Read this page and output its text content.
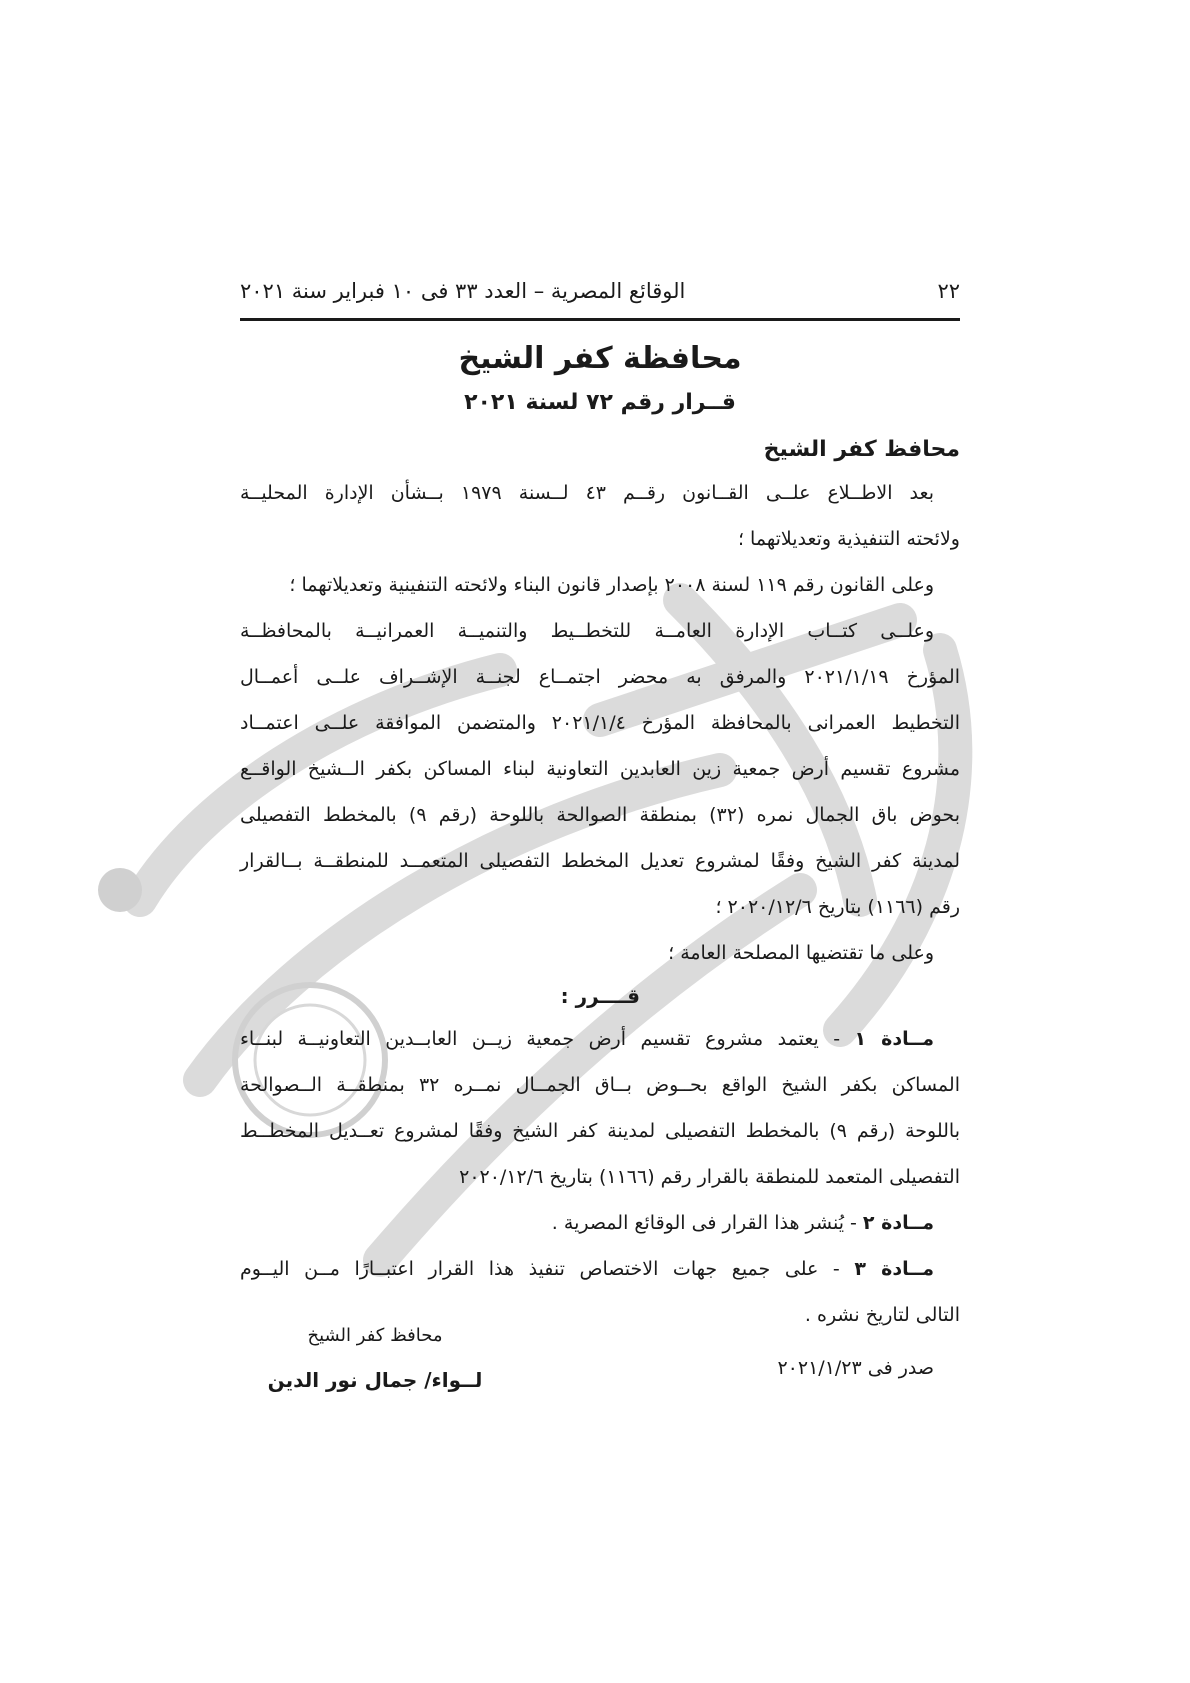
٢٢
الوقائع المصرية – العدد ٣٣ فى ١٠ فبراير سنة ٢٠٢١
محافظة كفر الشيخ
قــرار رقم ٧٢ لسنة ٢٠٢١
محافظ كفر الشيخ
بعد الاطــلاع علــى القــانون رقــم ٤٣ لــسنة ١٩٧٩ بــشأن الإدارة المحليــة
ولائحته التنفيذية وتعديلاتهما ؛
وعلى القانون رقم ١١٩ لسنة ٢٠٠٨ بإصدار قانون البناء ولائحته التنفينية وتعديلاتهما ؛
وعلــى كتــاب الإدارة العامــة للتخطــيط والتنميــة العمرانيــة بالمحافظــة
المؤرخ ٢٠٢١/١/١٩ والمرفق به محضر اجتمــاع لجنــة الإشــراف علــى أعمــال
التخطيط العمرانى بالمحافظة المؤرخ ٢٠٢١/١/٤ والمتضمن الموافقة علــى اعتمــاد
مشروع تقسيم أرض جمعية زين العابدين التعاونية لبناء المساكن بكفر الــشيخ الواقــع
بحوض باق الجمال نمره (٣٢) بمنطقة الصوالحة باللوحة (رقم ٩) بالمخطط التفصيلى
لمدينة كفر الشيخ وفقًا لمشروع تعديل المخطط التفصيلى المتعمــد للمنطقــة بــالقرار
رقم (١١٦٦) بتاريخ ٢٠٢٠/١٢/٦ ؛
وعلى ما تقتضيها المصلحة العامة ؛
قــــرر :
مــادة ١ - يعتمد مشروع تقسيم أرض جمعية زيــن العابــدين التعاونيــة لبنــاء
المساكن بكفر الشيخ الواقع بحــوض بــاق الجمــال نمــره ٣٢ بمنطقــة الــصوالحة
باللوحة (رقم ٩) بالمخطط التفصيلى لمدينة كفر الشيخ وفقًا لمشروع تعــديل المخطــط
التفصيلى المتعمد للمنطقة بالقرار رقم (١١٦٦) بتاريخ ٢٠٢٠/١٢/٦
مــادة ٢ - يُنشر هذا القرار فى الوقائع المصرية .
مــادة ٣ - على جميع جهات الاختصاص تنفيذ هذا القرار اعتبــارًا مــن اليــوم
التالى لتاريخ نشره .
صدر فى ٢٠٢١/١/٢٣
محافظ كفر الشيخ
لــواء/ جمال نور الدين
